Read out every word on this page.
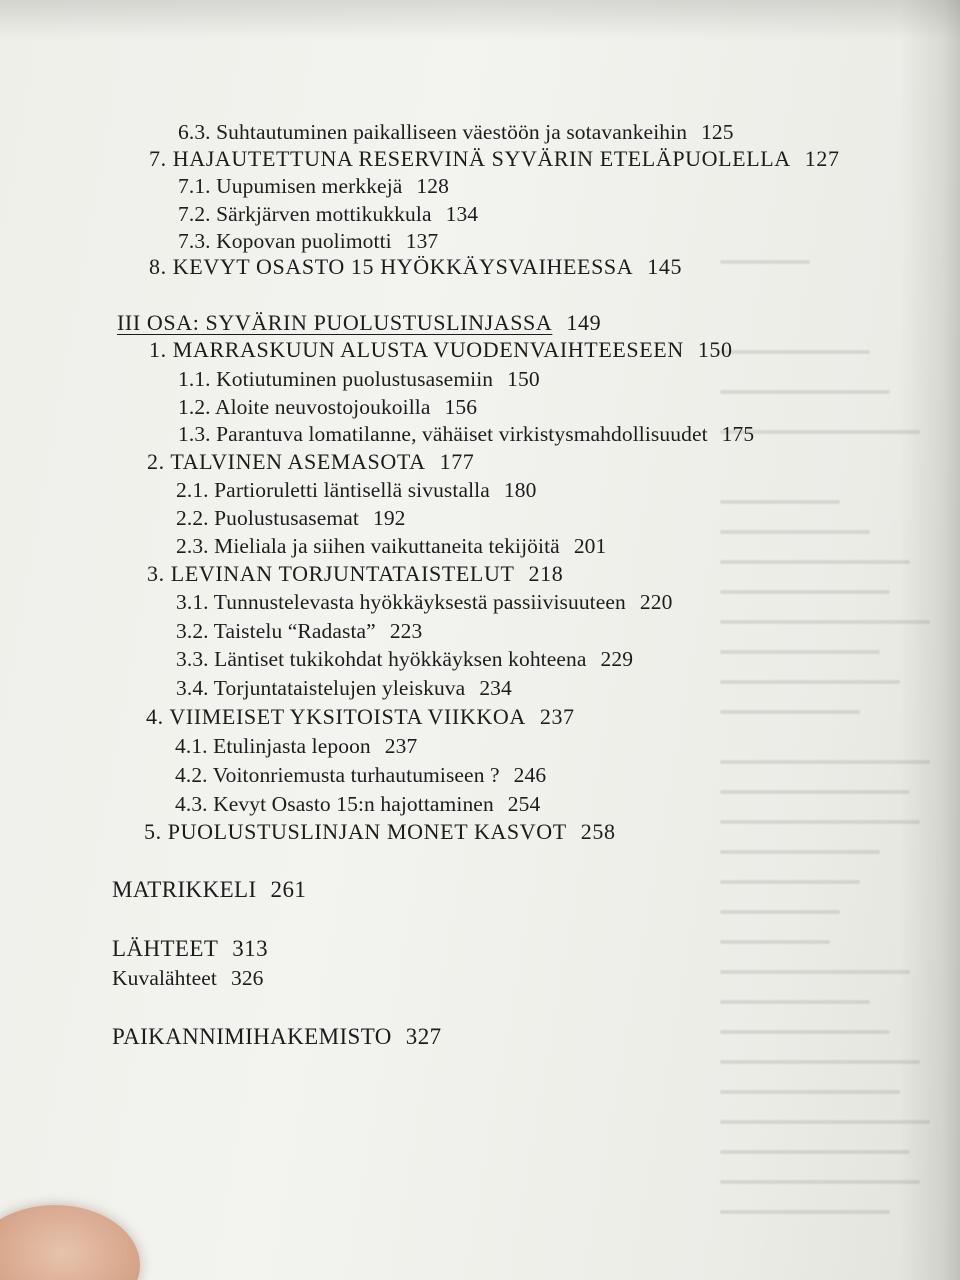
6.3. Suhtautuminen paikalliseen väestöön ja sotavankeihin 125
7. HAJAUTETTUNA RESERVINÄ SYVÄRIN ETELÄPUOLELLA 127
7.1. Uupumisen merkkejä 128
7.2. Särkjärven mottikukkula 134
7.3. Kopovan puolimotti 137
8. KEVYT OSASTO 15 HYÖKKÄYSVAIHEESSA 145
III OSA: SYVÄRIN PUOLUSTUSLINJASSA 149
1. MARRASKUUN ALUSTA VUODENVAIHTEESEEN 150
1.1. Kotiutuminen puolustusasemiin 150
1.2. Aloite neuvostojoukoilla 156
1.3. Parantuva lomatilanne, vähäiset virkistysmahdollisuudet 175
2. TALVINEN ASEMASOTA 177
2.1. Partioruletti läntisellä sivustalla 180
2.2. Puolustusasemat 192
2.3. Mieliala ja siihen vaikuttaneita tekijöitä 201
3. LEVINAN TORJUNTATAISTELUT 218
3.1. Tunnustelevasta hyökkäyksestä passiivisuuteen 220
3.2. Taistelu “Radasta” 223
3.3. Läntiset tukikohdat hyökkäyksen kohteena 229
3.4. Torjuntataistelujen yleiskuva 234
4. VIIMEISET YKSITOISTA VIIKKOA 237
4.1. Etulinjasta lepoon 237
4.2. Voitonriemusta turhautumiseen ? 246
4.3. Kevyt Osasto 15:n hajottaminen 254
5. PUOLUSTUSLINJAN MONET KASVOT 258
MATRIKKELI 261
LÄHTEET 313
Kuvalähteet 326
PAIKANNIMIHAKEMISTO 327
